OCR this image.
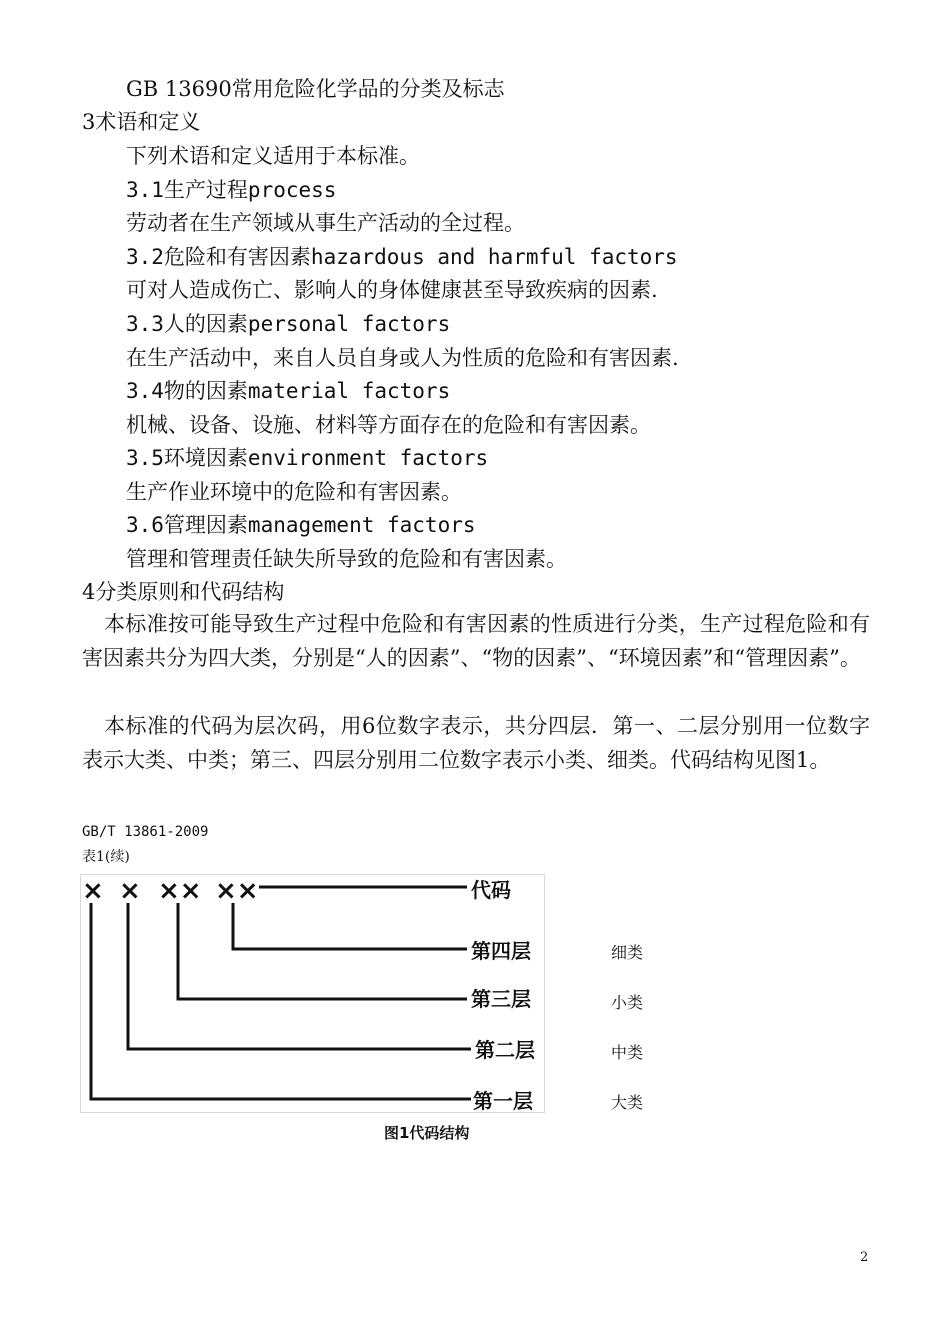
GB 13690常用危险化学品的分类及标志
3术语和定义
下列术语和定义适用于本标准。
3.1生产过程process
劳动者在生产领域从事生产活动的全过程。
3.2危险和有害因素hazardous and harmful factors
可对人造成伤亡、影响人的身体健康甚至导致疾病的因素.
3.3人的因素personal factors
在生产活动中，来自人员自身或人为性质的危险和有害因素.
3.4物的因素material factors
机械、设备、设施、材料等方面存在的危险和有害因素。
3.5环境因素environment factors
生产作业环境中的危险和有害因素。
3.6管理因素management factors
管理和管理责任缺失所导致的危险和有害因素。
4分类原则和代码结构
本标准按可能导致生产过程中危险和有害因素的性质进行分类，生产过程危险和有害因素共分为四大类，分别是“人的因素”、“物的因素”、“环境因素”和“管理因素”。
本标准的代码为层次码，用6位数字表示，共分四层．第一、二层分别用一位数字表示大类、中类；第三、四层分别用二位数字表示小类、细类。代码结构见图1。
GB/T 13861-2009
表1(续)
× × ×× ××	代码
第四层
第三层
第二层
第一层
细类
小类
中类
大类
图1代码结构
2
